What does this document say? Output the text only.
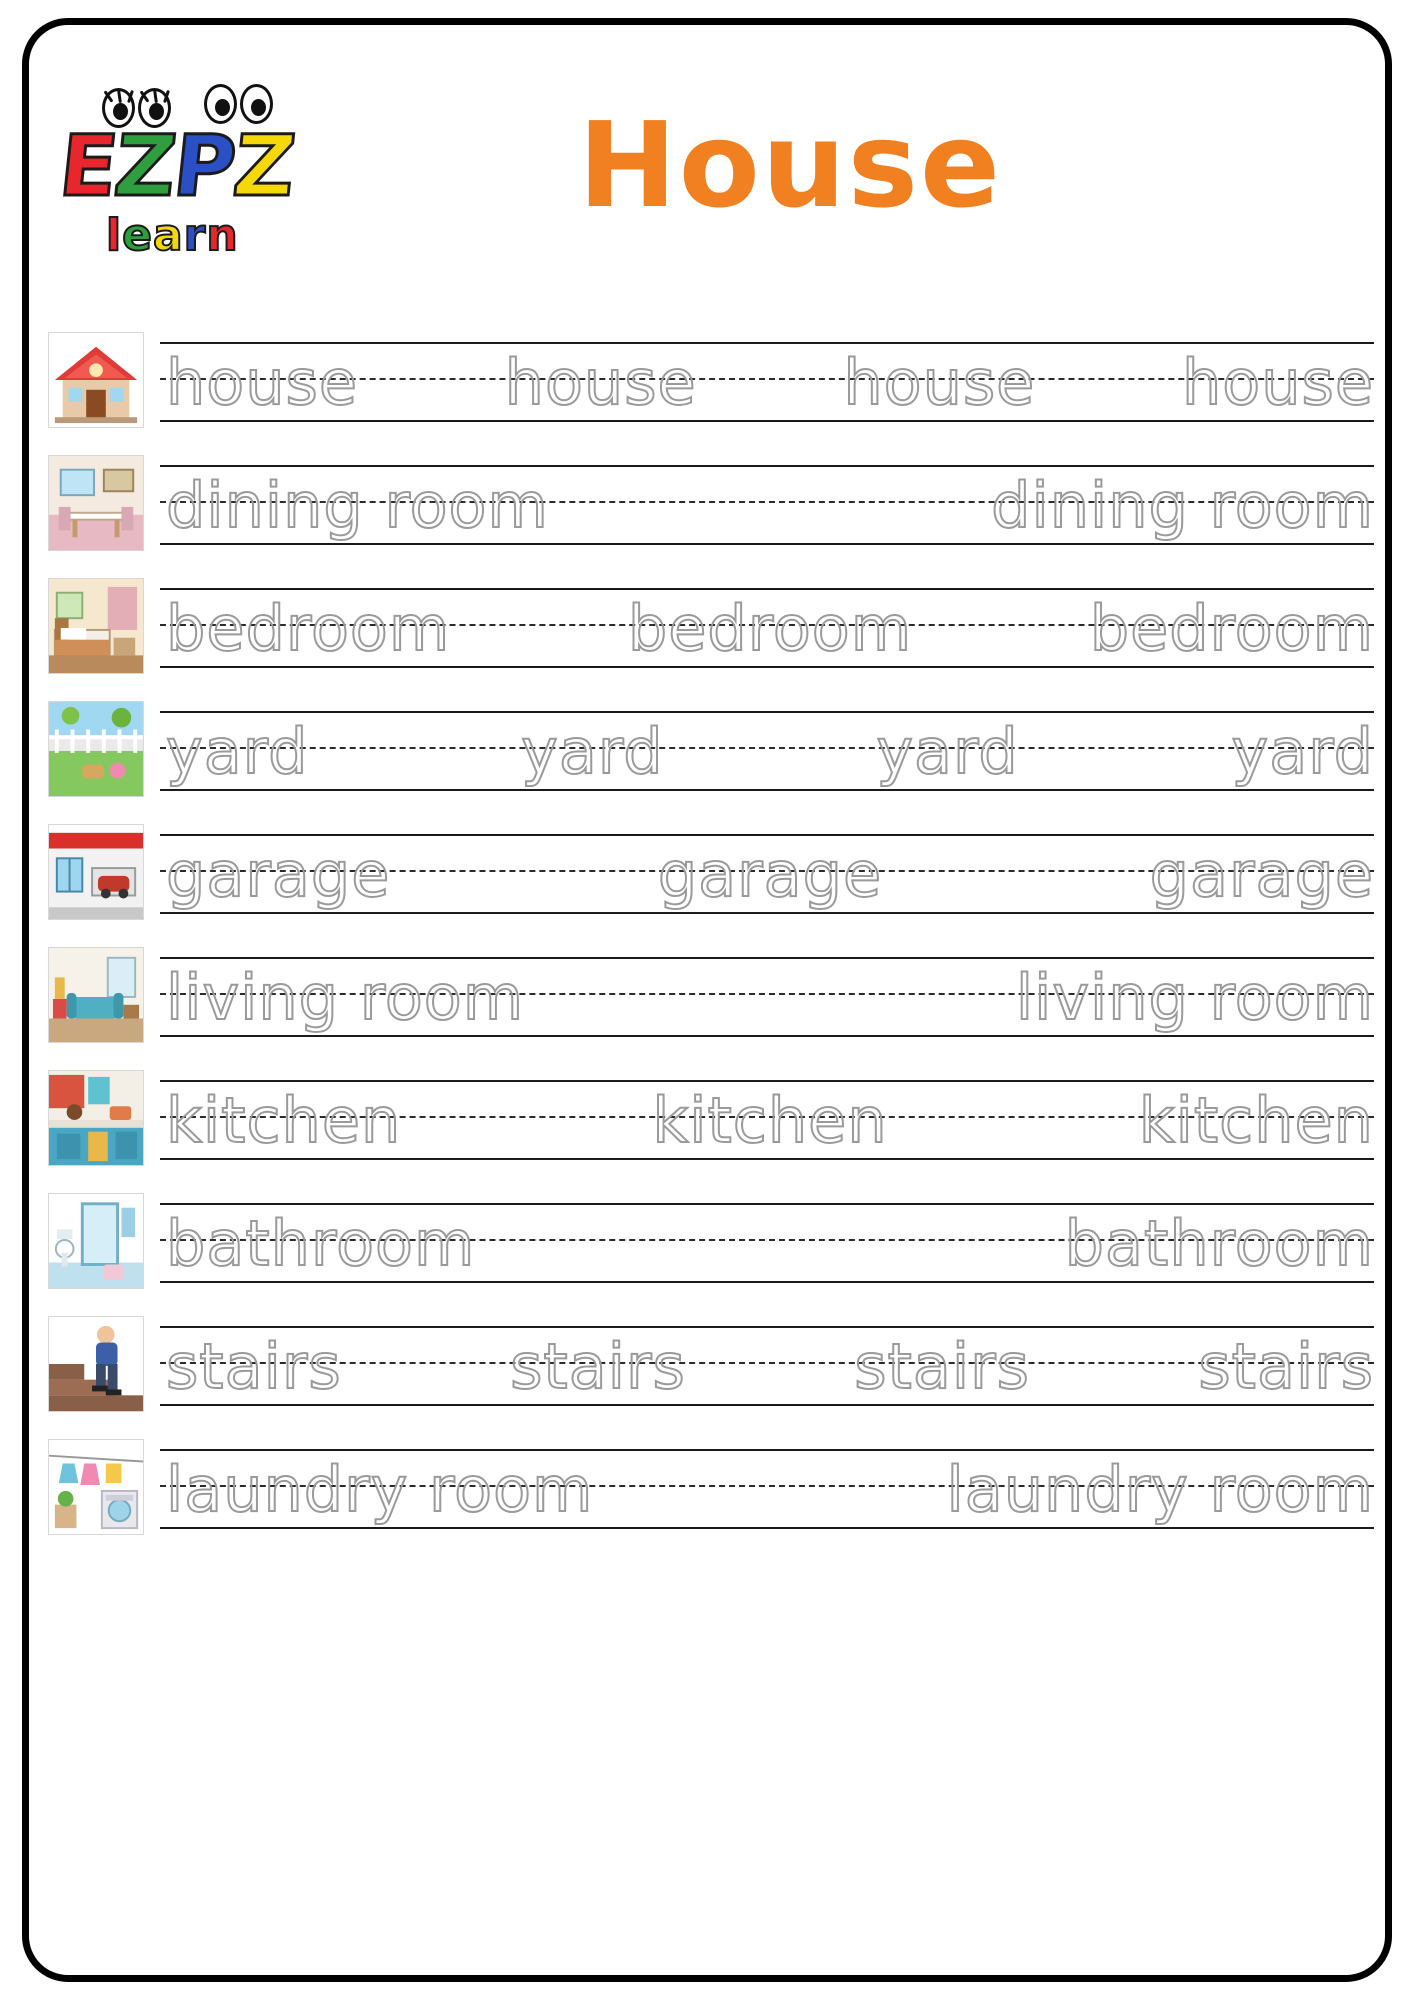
EZPZ
learn
House
house house house house
dining room	dining room
bedroom	bedroom	bedroom
yard	yard	yard	yard
garage	garage	garage
living room	living room
kitchen	kitchen	kitchen
bathroom	bathroom
stairs	stairs	stairs	stairs
laundry room	laundry room
